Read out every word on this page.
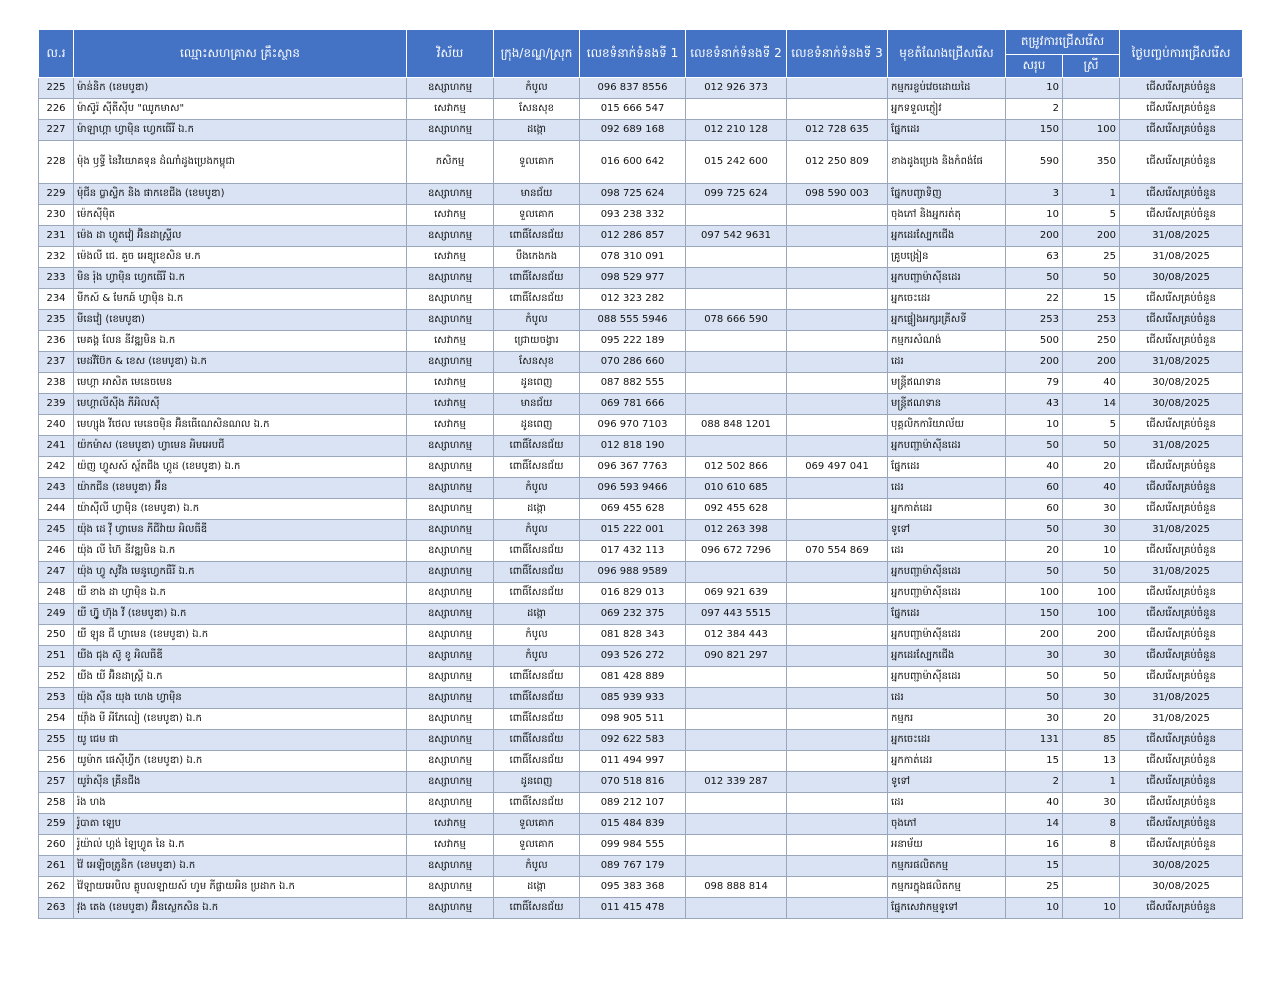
ល.រ	ឈ្មោះសហគ្រាស គ្រឹះស្ថាន	វិស័យ	ក្រុង/ខណ្ឌ/ស្រុក	លេខទំនាក់ទំនងទី 1	លេខទំនាក់ទំនងទី 2	លេខទំនាក់ទំនងទី 3	មុខតំណែងជ្រើសរើស	តម្រូវការជ្រើសរើស		ថ្ងៃបញ្ចប់ការជ្រើសរើស
								សរុប	ស្រី	
225	ម៉ាន់និក (ខេមបូឌា)	ឧស្សាហកម្ម	កំបូល	096 837 8556	012 926 373		កម្មករខ្ចប់វេចដោយដៃ	10		ជើសរើសគ្រប់ចំនួន
226	ម៉ាស៊ូរ៉ សុីតីស៊ីប "ឈូកមាស"	សេវាកម្ម	សែនសុខ	015 666 547			អ្នកទទួលភ្ញៀវ	2		ជើសរើសគ្រប់ចំនួន
227	ម៉ាឡាហ្គា ហ្វាម៉ិន ហ្វេកធើរី ឯ.ក	ឧស្សាហកម្ម	ដង្កោ	092 689 168	012 210 128	012 728 635	ផ្នែកដេរ	150	100	ជើសរើសគ្រប់ចំនួន
228	ម៉ុង ឫទ្ធី នៃវិយោគទុន ដំណាំដូងប្រេងកម្ពុជា	កសិកម្ម	ទួលគោក	016 600 642	015 242 600	012 250 809	ខាងដូងប្រេង និងកំពង់ផែ	590	350	ជើសរើសគ្រប់ចំនួន
229	ម៉ុជីន ប្លាស្ទិក និង ផាកខេជីង (ខេមបូឌា)	ឧស្សាហកម្ម	មានជ័យ	098 725 624	099 725 624	098 590 003	ផ្នែកបញ្ចាទិញ	3	1	ជើសរើសគ្រប់ចំនួន
230	ម៉េកស៊ីម៉ិត	សេវាកម្ម	ទួលគោក	093 238 332			ចុងភៅ និងអ្នករត់តុ	10	5	ជើសរើសគ្រប់ចំនួន
231	ម៉េង ដា ហ្វូតវៀ អ៊ិនដាស្ទ្រីល	ឧស្សាហកម្ម	ពោធិ៍សែនជ័យ	012 286 857	097 542 9631		អ្នកដេរស្បែកជើង	200	200	31/08/2025
232	ម៉េងលី ជេ. គួច អេឌ្យូខេសិន ម.ក	សេវាកម្ម	បឹងកេងកង	078 310 091			គ្រូបង្រៀន	63	25	31/08/2025
233	មិន រ៉ុង ហ្វាម៉ិន ហ្វេកធើរី ឯ.ក	ឧស្សាហកម្ម	ពោធិ៍សែនជ័យ	098 529 977			អ្នកបញ្ជាម៉ាស៊ីនដេរ	50	50	30/08/2025
234	មីកស៍ & មែកឆ៍ ហ្វាម៉ិន ឯ.ក	ឧស្សាហកម្ម	ពោធិ៍សែនជ័យ	012 323 282			អ្នកចេះដេរ	22	15	ជើសរើសគ្រប់ចំនួន
235	មីនេវៀ (ខេមបូឌា)	ឧស្សាហកម្ម	កំបូល	088 555 5946	078 666 590		អ្នកផ្ទៀងអក្សរគ្រីសទី	253	253	ជើសរើសគ្រប់ចំនួន
236	មេគង្គ លែន នីវឌ្ឍមិន ឯ.ក	សេវាកម្ម	ជ្រោយចង្វារ	095 222 189			កម្មករសំណង់	500	250	ជើសរើសគ្រប់ចំនួន
237	មេដវីប៊ែក & ខេស (ខេមបូឌា) ឯ.ក	ឧស្សាហកម្ម	សែនសុខ	070 286 660			ដេរ	200	200	31/08/2025
238	មេហ្គា អាសិត មេនេចមេន	សេវាកម្ម	ដូនពេញ	087 882 555			មន្ត្រីឥណទាន	79	40	30/08/2025
239	មេហ្គាលីស៊ីង ភីអិលស៊ី	សេវាកម្ម	មានជ័យ	069 781 666			មន្ត្រីឥណទាន	43	14	30/08/2025
240	មេហ្សុង វីថេល មេនេចម៉ិន អ៊ិនធើណេសិនណល ឯ.ក	សេវាកម្ម	ដូនពេញ	096 970 7103	088 848 1201		បុគ្គលិកការិយាល័យ	10	5	ជើសរើសគ្រប់ចំនួន
241	យ៉កម៉ាស (ខេមបូឌា) ហ្វាមេន អិមអេបជី	ឧស្សាហកម្ម	ពោធិ៍សែនជ័យ	012 818 190			អ្នកបញ្ជាម៉ាស៊ីនដេរ	50	50	31/08/2025
242	យ៉ញ ហ្វូសស៍ ស្ព័តជីង ហ្គូដ (ខេមបូឌា) ឯ.ក	ឧស្សាហកម្ម	ពោធិ៍សែនជ័យ	096 367 7763	012 502 866	069 497 041	ផ្នែកដេរ	40	20	ជើសរើសគ្រប់ចំនួន
243	យ៉ាកជីន (ខេមបូឌា) អ៊ីន	ឧស្សាហកម្ម	កំបូល	096 593 9466	010 610 685		ដេរ	60	40	ជើសរើសគ្រប់ចំនួន
244	យ៉ាស៊ីលី ហ្វាម៉ិន (ខេមបូឌា) ឯ.ក	ឧស្សាហកម្ម	ដង្កោ	069 455 628	092 455 628		អ្នកកាត់ដេរ	60	30	ជើសរើសគ្រប់ចំនួន
245	យ៉ុង ដេ វ៉ី ហ្វាមេន ភីជីវ៉ាយ អិលធីឌី	ឧស្សាហកម្ម	កំបូល	015 222 001	012 263 398		ទូទៅ	50	30	31/08/2025
246	យ៉ុង លី ហ៊ៃ នីវឌ្ឍមិន ឯ.ក	ឧស្សាហកម្ម	ពោធិ៍សែនជ័យ	017 432 113	096 672 7296	070 554 869	ដេរ	20	10	ជើសរើសគ្រប់ចំនួន
247	យ៉ុង ហ្វូ សូវីង មេនូហ្វេកធឺរី ឯ.ក	ឧស្សាហកម្ម	ពោធិ៍សែនជ័យ	096 988 9589			អ្នកបញ្ជាម៉ាស៊ីនដេរ	50	50	31/08/2025
248	យី ខាង ដា ហ្វាម៉ិន ឯ.ក	ឧស្សាហកម្ម	ពោធិ៍សែនជ័យ	016 829 013	069 921 639		អ្នកបញ្ជាម៉ាស៊ីនដេរ	100	100	ជើសរើសគ្រប់ចំនួន
249	យី ហ្វ៊ូ ហ៊ុង វី (ខេមបូឌា) ឯ.ក	ឧស្សាហកម្ម	ដង្កោ	069 232 375	097 443 5515		ផ្នែកដេរ	150	100	ជើសរើសគ្រប់ចំនួន
250	យី ឡុន ជី ហ្វាមេន (ខេមបូឌា) ឯ.ក	ឧស្សាហកម្ម	កំបូល	081 828 343	012 384 443		អ្នកបញ្ជាម៉ាស៊ីនដេរ	200	200	ជើសរើសគ្រប់ចំនួន
251	យីង ជុង ស៊ូ ខូ អិលធីឌី	ឧស្សាហកម្ម	កំបូល	093 526 272	090 821 297		អ្នកដេរស្បែកជើង	30	30	ជើសរើសគ្រប់ចំនួន
252	យីង យី អ៊ិនដាស្ត្រី ឯ.ក	ឧស្សាហកម្ម	ពោធិ៍សែនជ័យ	081 428 889			អ្នកបញ្ជាម៉ាស៊ីនដេរ	50	50	ជើសរើសគ្រប់ចំនួន
253	យ៉ុង ស៊ីន យុង ហេង ហ្វាម៉ិន	ឧស្សាហកម្ម	ពោធិ៍សែនជ័យ	085 939 933			ដេរ	50	30	31/08/2025
254	យ៉ុាំង មី អីភែលៀ (ខេមបូឌា) ឯ.ក	ឧស្សាហកម្ម	ពោធិ៍សែនជ័យ	098 905 511			កម្មករ	30	20	31/08/2025
255	យូ ជេម ផា	ឧស្សាហកម្ម	ពោធិ៍សែនជ័យ	092 622 583			អ្នកចេះដេរ	131	85	ជើសរើសគ្រប់ចំនួន
256	យូម៉ាក ផេស៊ីហ្វីក (ខេមបូឌា) ឯ.ក	ឧស្សាហកម្ម	ពោធិ៍សែនជ័យ	011 494 997			អ្នកកាត់ដេរ	15	13	ជើសរើសគ្រប់ចំនួន
257	យូរ៉ាស៊ីន គ្រីនជីង	ឧស្សាហកម្ម	ដូនពេញ	070 518 816	012 339 287		ទូទៅ	2	1	ជើសរើសគ្រប់ចំនួន
258	រ៉ង ហង	ឧស្សាហកម្ម	ពោធិ៍សែនជ័យ	089 212 107			ដេរ	40	30	ជើសរើសគ្រប់ចំនួន
259	រ៉ូបាតា ឡេប	សេវាកម្ម	ទួលគោក	015 484 839			ចុងភៅ	14	8	ជើសរើសគ្រប់ចំនួន
260	រ៉ូយ៉ាល់ ហ្គង់ ឡៃហ្វូត នៃ ឯ.ក	សេវាកម្ម	ទួលគោក	099 984 555			អនាម័យ	16	8	ជើសរើសគ្រប់ចំនួន
261	វ៉ៃ អេឡិចត្រូនិក (ខេមបូឌា) ឯ.ក	ឧស្សាហកម្ម	កំបូល	089 767 179			កម្មករផលិតកម្ម	15		30/08/2025
262	វ៉ៃឡាយអេបិល គ្លូបលឡាយស៍ ហូម ភីផ្លាយអិន ប្រដាក ឯ.ក	ឧស្សាហកម្ម	ដង្កោ	095 383 368	098 888 814		កម្មករក្នុងផលិតកម្ម	25		30/08/2025
263	វុង តេង (ខេមបូឌា) អ៊ិនស្លេកសិន ឯ.ក	ឧស្សាហកម្ម	ពោធិ៍សែនជ័យ	011 415 478			ផ្នែកសេវាកម្មទូទៅ	10	10	ជើសរើសគ្រប់ចំនួន
